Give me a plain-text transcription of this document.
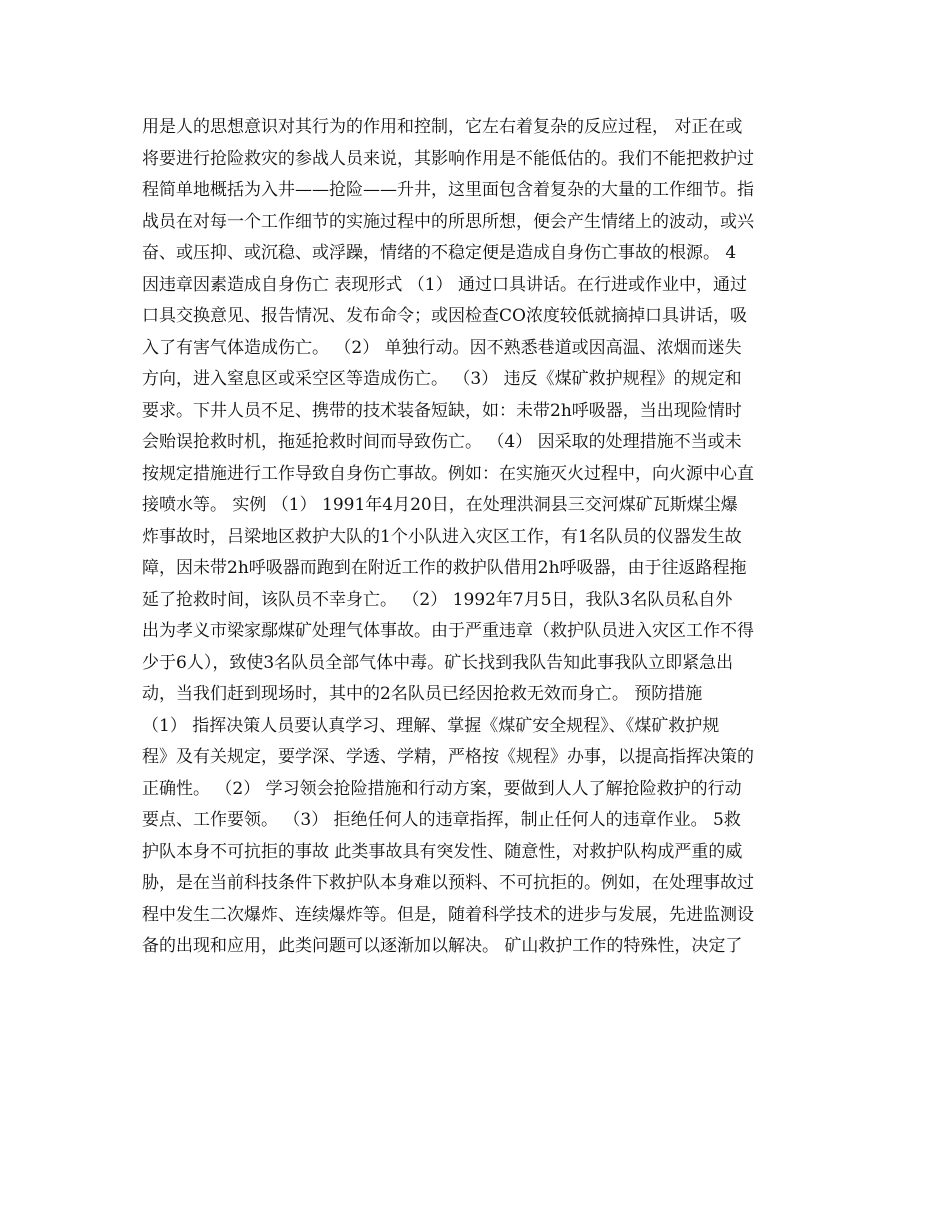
用是人的思想意识对其行为的作用和控制，它左右着复杂的反应过程， 对正在或
将要进行抢险救灾的参战人员来说，其影响作用是不能低估的。我们不能把救护过
程简单地概括为入井——抢险——升井，这里面包含着复杂的大量的工作细节。指
战员在对每一个工作细节的实施过程中的所思所想，便会产生情绪上的波动，或兴
奋、或压抑、或沉稳、或浮躁，情绪的不稳定便是造成自身伤亡事故的根源。 4
因违章因素造成自身伤亡 表现形式 （1） 通过口具讲话。在行进或作业中，通过
口具交换意见、报告情况、发布命令；或因检查CO浓度较低就摘掉口具讲话，吸
入了有害气体造成伤亡。 （2） 单独行动。因不熟悉巷道或因高温、浓烟而迷失
方向，进入窒息区或采空区等造成伤亡。 （3） 违反《煤矿救护规程》的规定和
要求。下井人员不足、携带的技术装备短缺，如：未带2h呼吸器，当出现险情时
会贻误抢救时机，拖延抢救时间而导致伤亡。 （4） 因采取的处理措施不当或未
按规定措施进行工作导致自身伤亡事故。例如：在实施灭火过程中，向火源中心直
接喷水等。 实例 （1） 1991年4月20日，在处理洪洞县三交河煤矿瓦斯煤尘爆
炸事故时，吕梁地区救护大队的1个小队进入灾区工作，有1名队员的仪器发生故
障，因未带2h呼吸器而跑到在附近工作的救护队借用2h呼吸器，由于往返路程拖
延了抢救时间，该队员不幸身亡。 （2） 1992年7月5日，我队3名队员私自外
出为孝义市梁家鄢煤矿处理气体事故。由于严重违章（救护队员进入灾区工作不得
少于6人），致使3名队员全部气体中毒。矿长找到我队告知此事我队立即紧急出
动，当我们赶到现场时，其中的2名队员已经因抢救无效而身亡。 预防措施
（1） 指挥决策人员要认真学习、理解、掌握《煤矿安全规程》、《煤矿救护规
程》及有关规定，要学深、学透、学精，严格按《规程》办事，以提高指挥决策的
正确性。 （2） 学习领会抢险措施和行动方案，要做到人人了解抢险救护的行动
要点、工作要领。 （3） 拒绝任何人的违章指挥，制止任何人的违章作业。 5救
护队本身不可抗拒的事故 此类事故具有突发性、随意性，对救护队构成严重的威
胁，是在当前科技条件下救护队本身难以预料、不可抗拒的。例如，在处理事故过
程中发生二次爆炸、连续爆炸等。但是，随着科学技术的进步与发展，先进监测设
备的出现和应用，此类问题可以逐渐加以解决。 矿山救护工作的特殊性，决定了
